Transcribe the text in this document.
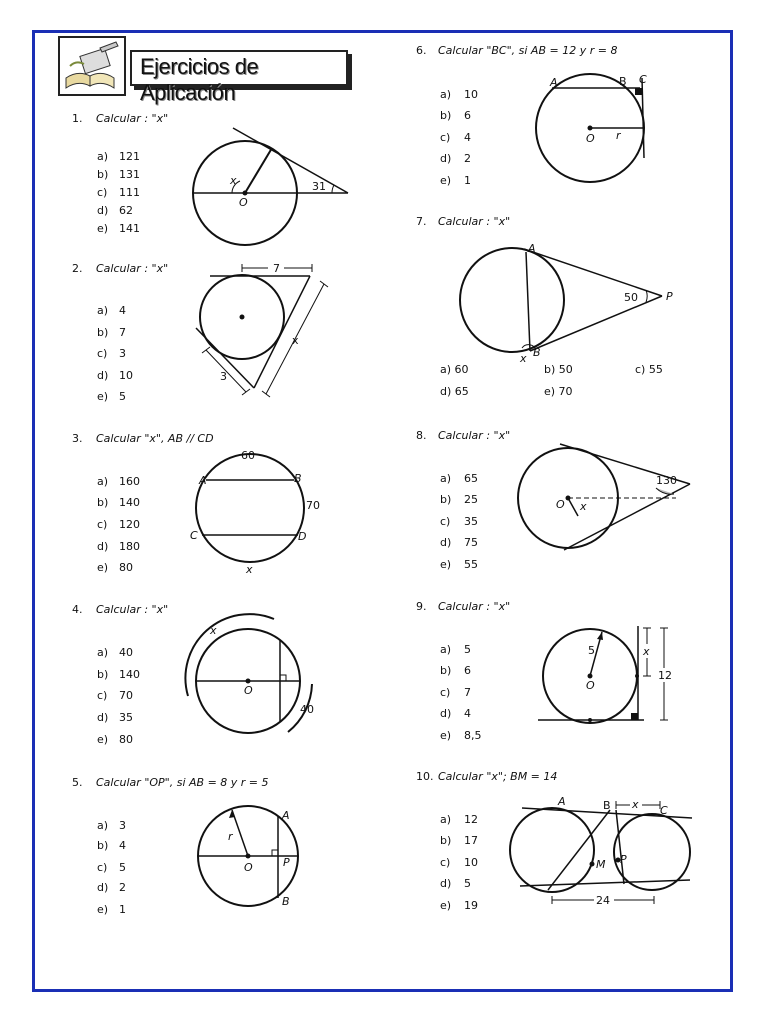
Ejercicios de Aplicación
1. Calcular : "x"
a) 121
b) 131
c) 111
d) 62
e) 141
x
O
31
2. Calcular : "x"
a) 4
b) 7
c) 3
d) 10
e) 5
7
x
3
3. Calcular "x", AB // CD
a) 160
b) 140
c) 120
d) 180
e) 80
60
70
x
A	B
C	D
4. Calcular : "x"
a) 40
b) 140
c) 70
d) 35
e) 80
x
O
40
5. Calcular "OP", si AB = 8 y r = 5
a) 3
b) 4
c) 5
d) 2
e) 1
r
O
A
P
B
6. Calcular "BC", si AB = 12 y r = 8
a) 10
b) 6
c) 4
d) 2
e) 1
A	B C
O r
7. Calcular : "x"
a) 60	b) 50	c) 55
d) 65	e) 70
A
B
P
50
x
8. Calcular : "x"
a) 65
b) 25
c) 35
d) 75
e) 55
130
O x
9. Calcular : "x"
a) 5
b) 6
c) 7
d) 4
e) 8,5
x
12
5
O
10. Calcular "x"; BM = 14
a) 12
b) 17
c) 10
d) 5
e) 19
A	B x C
M P
24
